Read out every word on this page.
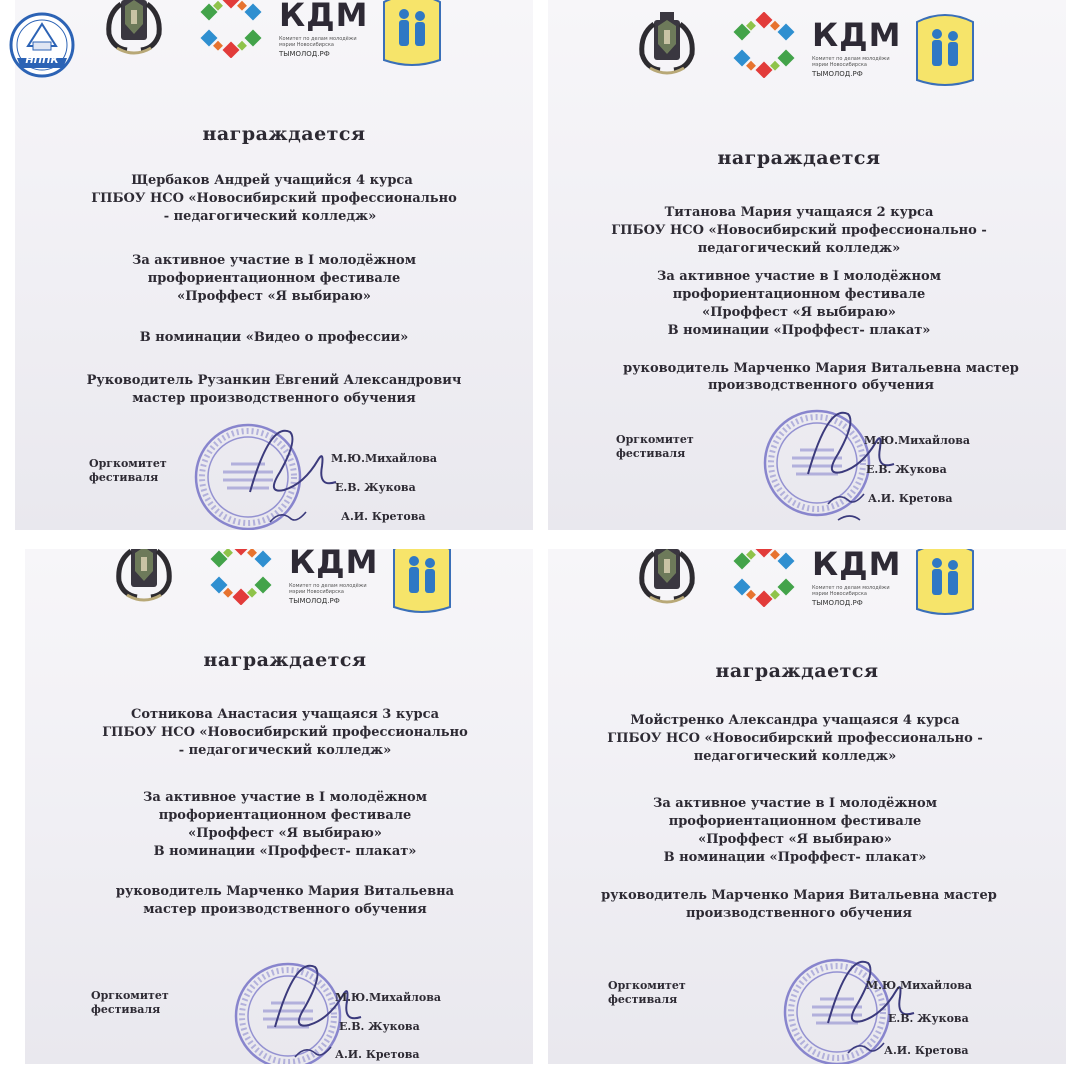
КДМ
Комитет по делам молодёжи мэрии Новосибирска
ТЫМОЛОД.РФ
награждается
Щербаков Андрей учащийся 4 курса
ГПБОУ НСО «Новосибирский профессионально
- педагогический колледж»
За активное участие в I молодёжном
профориентационном фестивале
«Проффест «Я выбираю»
В номинации «Видео о профессии»
Руководитель Рузанкин Евгений Александрович
мастер производственного обучения
Оргкомитет
фестиваля
М.Ю.Михайлова
Е.В. Жукова
А.И. Кретова
КДМ
Комитет по делам молодёжи мэрии Новосибирска
ТЫМОЛОД.РФ
награждается
Титанова Мария учащаяся 2 курса
ГПБОУ НСО «Новосибирский профессионально -
педагогический колледж»
За активное участие в I молодёжном
профориентационном фестивале
«Проффест «Я выбираю»
В номинации «Проффест- плакат»
руководитель Марченко Мария Витальевна мастер
производственного обучения
Оргкомитет
фестиваля
М.Ю.Михайлова
Е.В. Жукова
А.И. Кретова
КДМ
Комитет по делам молодёжи мэрии Новосибирска
ТЫМОЛОД.РФ
награждается
Сотникова Анастасия учащаяся 3 курса
ГПБОУ НСО «Новосибирский профессионально
- педагогический колледж»
За активное участие в I молодёжном
профориентационном фестивале
«Проффест «Я выбираю»
В номинации «Проффест- плакат»
руководитель Марченко Мария Витальевна
мастер производственного обучения
Оргкомитет
фестиваля
М.Ю.Михайлова
Е.В. Жукова
А.И. Кретова
КДМ
Комитет по делам молодёжи мэрии Новосибирска
ТЫМОЛОД.РФ
награждается
Мойстренко Александра учащаяся 4 курса
ГПБОУ НСО «Новосибирский профессионально -
педагогический колледж»
За активное участие в I молодёжном
профориентационном фестивале
«Проффест «Я выбираю»
В номинации «Проффест- плакат»
руководитель Марченко Мария Витальевна мастер
производственного обучения
Оргкомитет
фестиваля
М.Ю.Михайлова
Е.В. Жукова
А.И. Кретова
НППК
